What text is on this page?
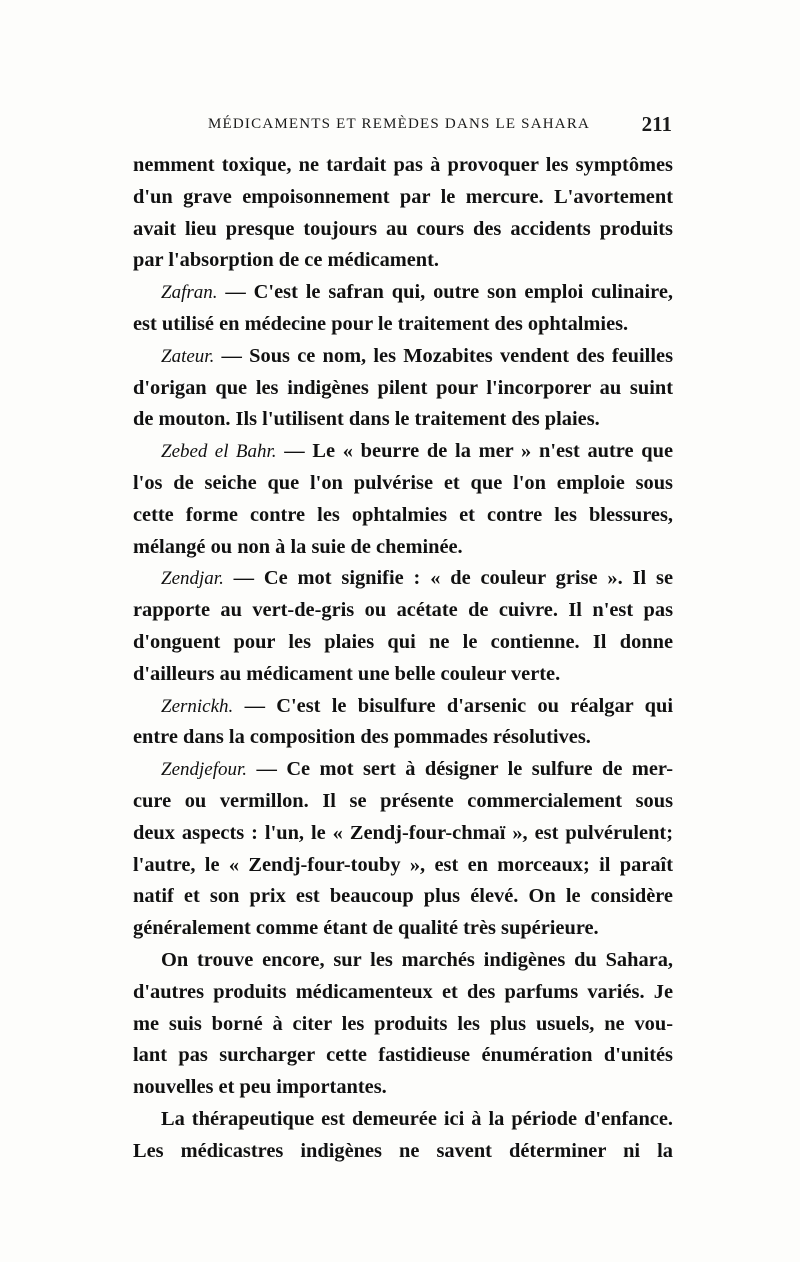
MÉDICAMENTS ET REMÈDES DANS LE SAHARA 211
nemment toxique, ne tardait pas à provoquer les symptômes
d'un grave empoisonnement par le mercure. L'avortement
avait lieu presque toujours au cours des accidents produits
par l'absorption de ce médicament.
Zafran. — C'est le safran qui, outre son emploi culinaire,
est utilisé en médecine pour le traitement des ophtalmies.
Zateur. — Sous ce nom, les Mozabites vendent des feuilles
d'origan que les indigènes pilent pour l'incorporer au suint
de mouton. Ils l'utilisent dans le traitement des plaies.
Zebed el Bahr. — Le « beurre de la mer » n'est autre que
l'os de seiche que l'on pulvérise et que l'on emploie sous
cette forme contre les ophtalmies et contre les blessures,
mélangé ou non à la suie de cheminée.
Zendjar. — Ce mot signifie : « de couleur grise ». Il se
rapporte au vert-de-gris ou acétate de cuivre. Il n'est pas
d'onguent pour les plaies qui ne le contienne. Il donne
d'ailleurs au médicament une belle couleur verte.
Zernickh. — C'est le bisulfure d'arsenic ou réalgar qui
entre dans la composition des pommades résolutives.
Zendjefour. — Ce mot sert à désigner le sulfure de mer-
cure ou vermillon. Il se présente commercialement sous
deux aspects : l'un, le « Zendj-four-chmaï », est pulvérulent;
l'autre, le « Zendj-four-touby », est en morceaux; il paraît
natif et son prix est beaucoup plus élevé. On le considère
généralement comme étant de qualité très supérieure.
On trouve encore, sur les marchés indigènes du Sahara,
d'autres produits médicamenteux et des parfums variés. Je
me suis borné à citer les produits les plus usuels, ne vou-
lant pas surcharger cette fastidieuse énumération d'unités
nouvelles et peu importantes.
La thérapeutique est demeurée ici à la période d'enfance.
Les médicastres indigènes ne savent déterminer ni la
